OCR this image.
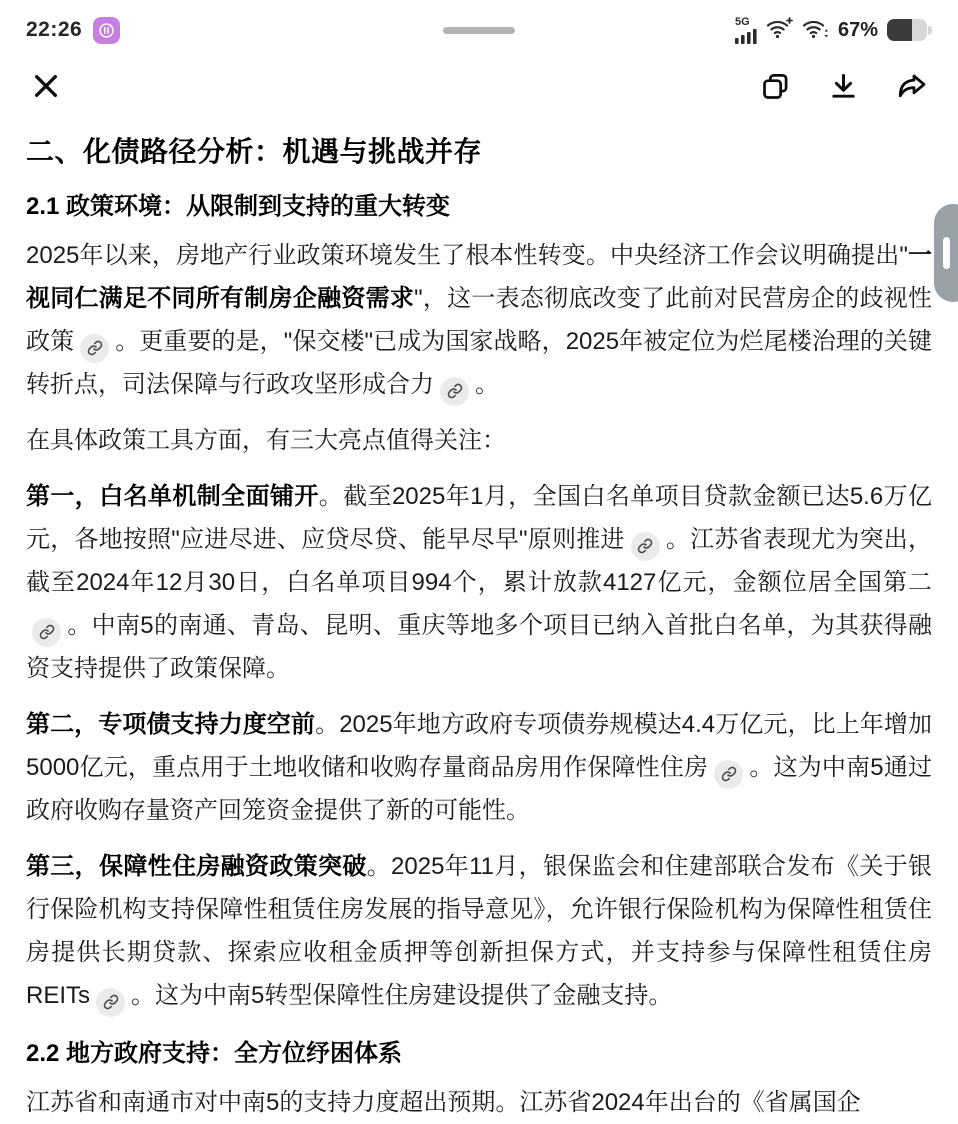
22:26	5G	67%
二、化债路径分析：机遇与挑战并存
2.1 政策环境：从限制到支持的重大转变

2025年以来，房地产行业政策环境发生了根本性转变。中央经济工作会议明确提出"一视同仁满足不同所有制房企融资需求"，这一表态彻底改变了此前对民营房企的歧视性政策 。更重要的是，"保交楼"已成为国家战略，2025年被定位为烂尾楼治理的关键转折点，司法保障与行政攻坚形成合力 。

在具体政策工具方面，有三大亮点值得关注：

第一，白名单机制全面铺开。截至2025年1月，全国白名单项目贷款金额已达5.6万亿元，各地按照"应进尽进、应贷尽贷、能早尽早"原则推进 。江苏省表现尤为突出，截至2024年12月30日，白名单项目994个，累计放款4127亿元，金额位居全国第二
。中南5的南通、青岛、昆明、重庆等地多个项目已纳入首批白名单，为其获得融资支持提供了政策保障。

第二，专项债支持力度空前。2025年地方政府专项债券规模达4.4万亿元，比上年增加5000亿元，重点用于土地收储和收购存量商品房用作保障性住房 。这为中南5通过政府收购存量资产回笼资金提供了新的可能性。

第三，保障性住房融资政策突破。2025年11月，银保监会和住建部联合发布《关于银行保险机构支持保障性租赁住房发展的指导意见》，允许银行保险机构为保障性租赁住房提供长期贷款、探索应收租金质押等创新担保方式，并支持参与保障性租赁住房REITs 。这为中南5转型保障性住房建设提供了金融支持。

2.2 地方政府支持：全方位纾困体系

江苏省和南通市对中南5的支持力度超出预期。江苏省2024年出台的《省属国企
